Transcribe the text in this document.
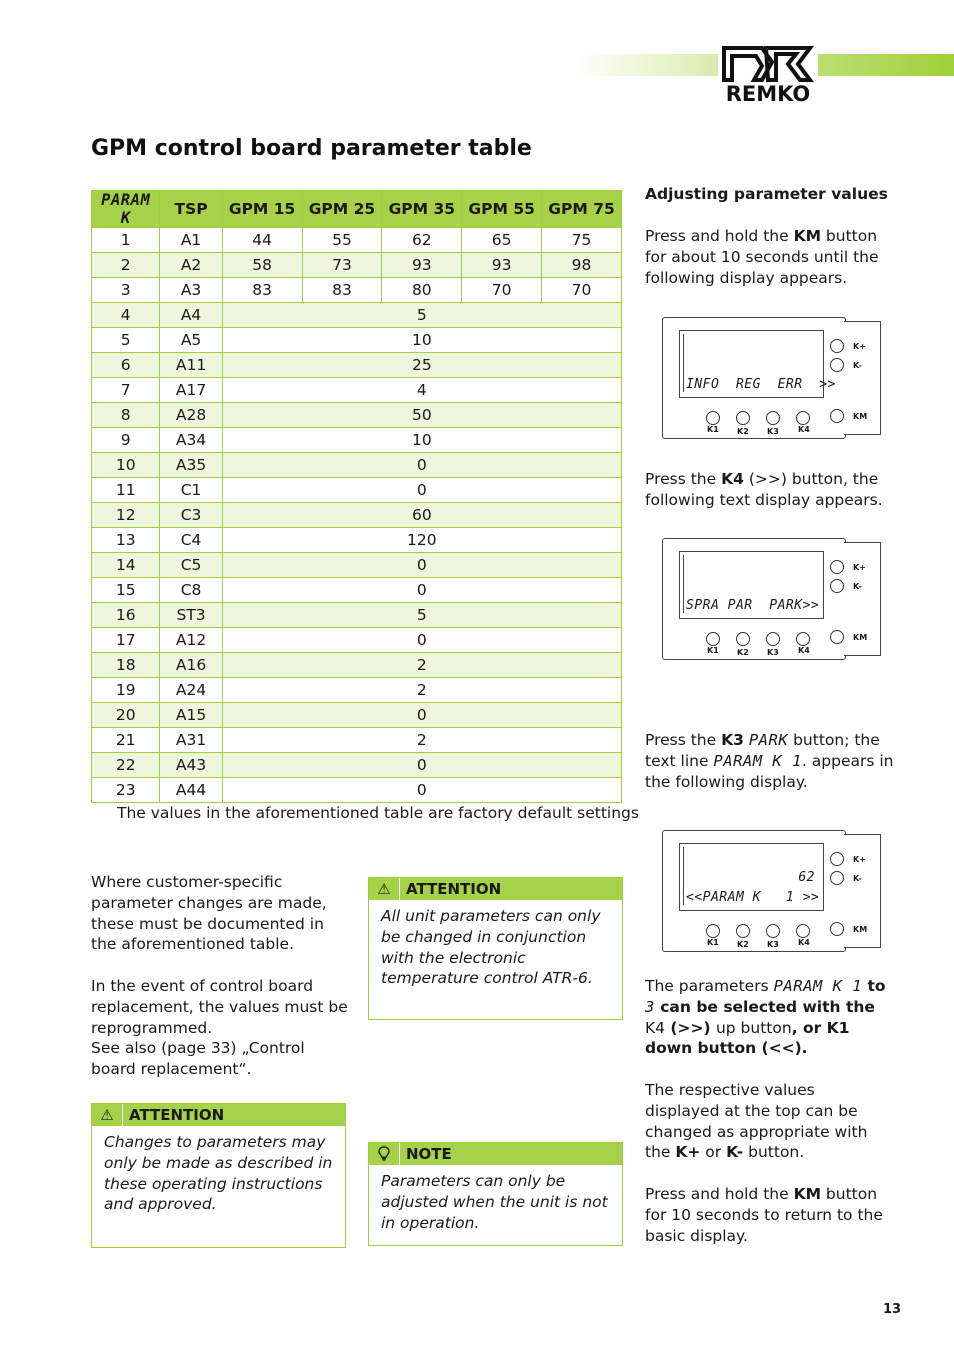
REMKO
GPM control board parameter table
PARAM K	TSP	GPM 15	GPM 25	GPM 35	GPM 55	GPM 75
1	A1	44	55	62	65	75
2	A2	58	73	93	93	98
3	A3	83	83	80	70	70
4	A4	5				
5	A5	10				
6	A11	25				
7	A17	4				
8	A28	50				
9	A34	10				
10	A35	0				
11	C1	0				
12	C3	60				
13	C4	120				
14	C5	0				
15	C8	0				
16	ST3	5				
17	A12	0				
18	A16	2				
19	A24	2				
20	A15	0				
21	A31	2				
22	A43	0				
23	A44	0				
The values in the aforementioned table are factory default settings
Where customer-specific parameter changes are made, these must be documented in the aforementioned table.
In the event of control board replacement, the values must be reprogrammed.
See also (page 33) „Control board replacement“.
⚠	ATTENTION
Changes to parameters may only be made as described in these operating instructions and approved.
⚠	ATTENTION
All unit parameters can only be changed in conjunction with the electronic temperature control ATR-6.
NOTE
Parameters can only be adjusted when the unit is not in operation.
Adjusting parameter values
Press and hold the KM button for about 10 seconds until the following display appears.
Press the K4 (>>) button, the following text display appears.
Press the K3 PARK button; the text line PARAM K 1. appears in the following display.
The parameters PARAM K 1 to 3 can be selected with the K4 (>>) up button, or K1 down button (<<).
The respective values displayed at the top can be changed as appropriate with the K+ or K- button.
Press and hold the KM button for 10 seconds to return to the basic display.
INFO  REG  ERR  >>
K+
K-
KM
K1 K2 K3 K4
SPRA PAR  PARK>>
K+
K-
KM
K1 K2 K3 K4
62
<<PARAM K   1 >>
K+
K-
KM
K1 K2 K3 K4
13
